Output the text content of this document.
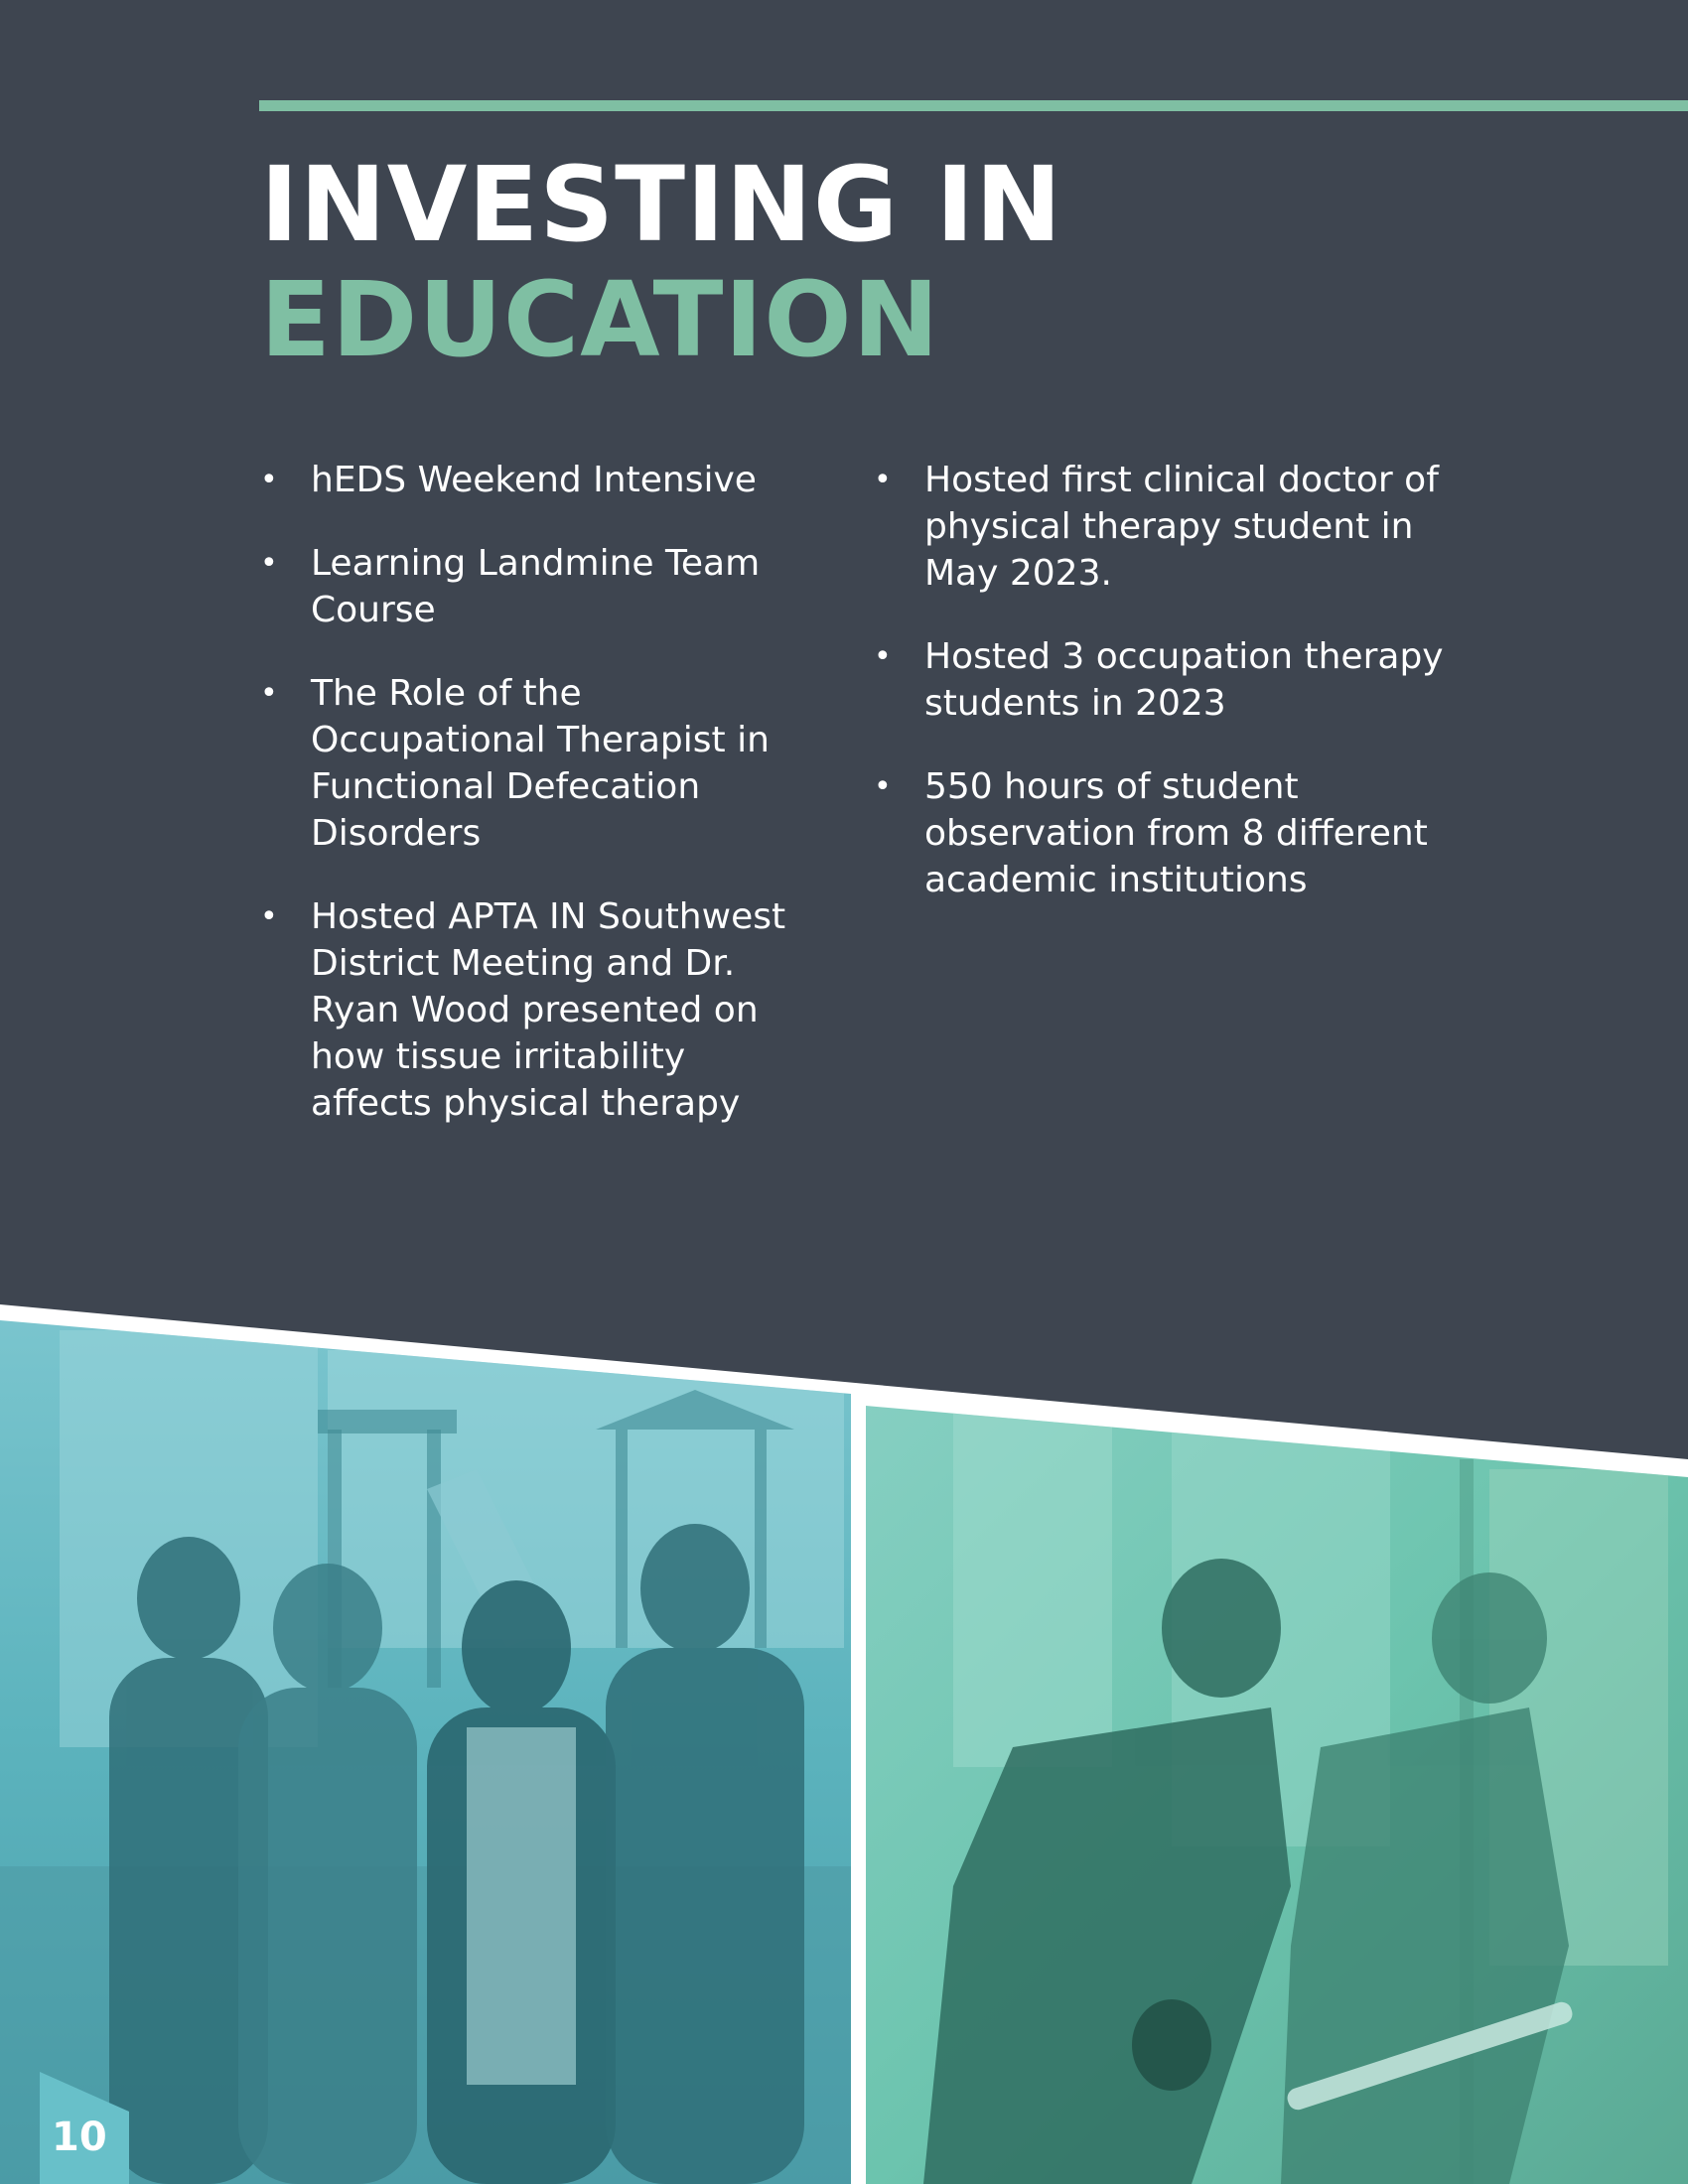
INVESTING IN
EDUCATION
• hEDS Weekend Intensive
• Learning Landmine Team Course
• The Role of the Occupational Therapist in Functional Defecation Disorders
• Hosted APTA IN Southwest District Meeting and Dr. Ryan Wood presented on how tissue irritability affects physical therapy
• Hosted first clinical doctor of physical therapy student in May 2023.
• Hosted 3 occupation therapy students in 2023
• 550 hours of student observation from 8 different academic institutions
10
